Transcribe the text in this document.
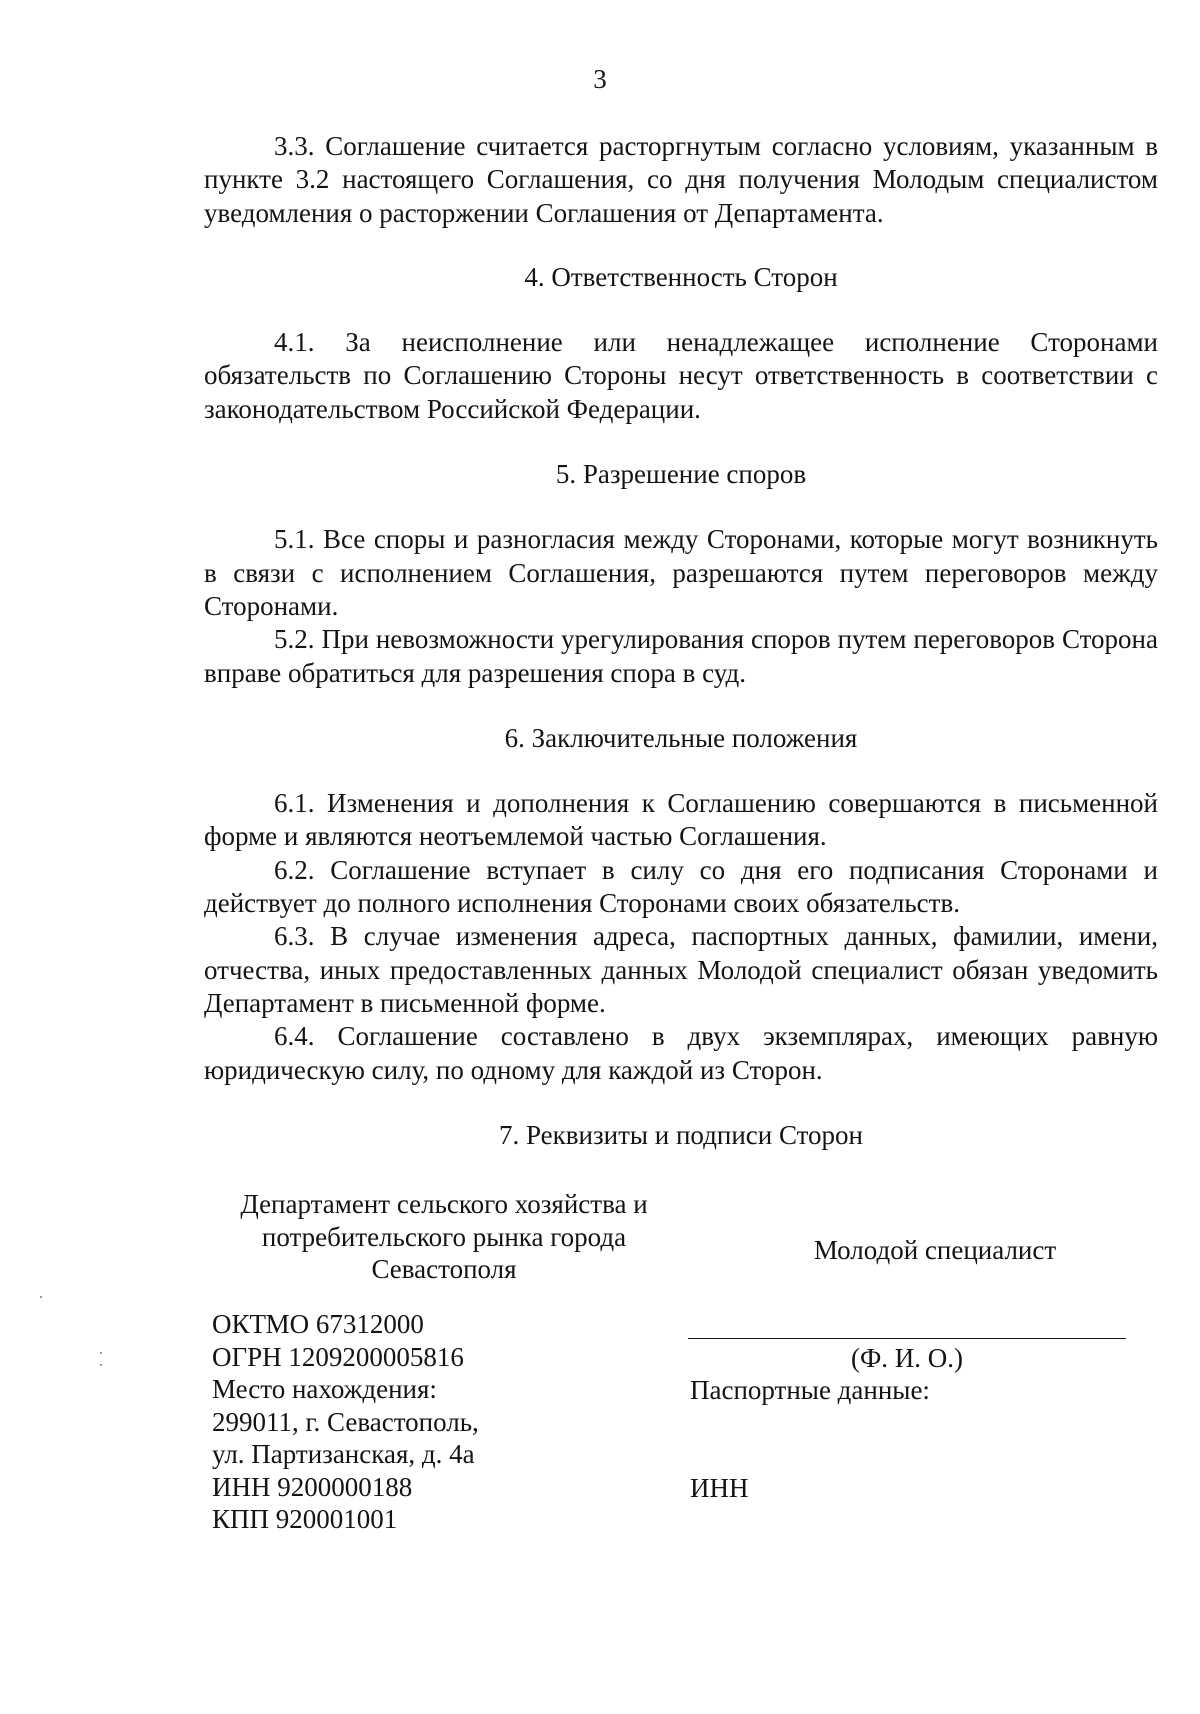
3

3.3. Соглашение считается расторгнутым согласно условиям, указанным в пункте 3.2 настоящего Соглашения, со дня получения Молодым специалистом уведомления о расторжении Соглашения от Департамента.

4. Ответственность Сторон

4.1. За неисполнение или ненадлежащее исполнение Сторонами обязательств по Соглашению Стороны несут ответственность в соответствии с законодательством Российской Федерации.

5. Разрешение споров

5.1. Все споры и разногласия между Сторонами, которые могут возникнуть в связи с исполнением Соглашения, разрешаются путем переговоров между Сторонами.

5.2. При невозможности урегулирования споров путем переговоров Сторона вправе обратиться для разрешения спора в суд.

6. Заключительные положения

6.1. Изменения и дополнения к Соглашению совершаются в письменной форме и являются неотъемлемой частью Соглашения.

6.2. Соглашение вступает в силу со дня его подписания Сторонами и действует до полного исполнения Сторонами своих обязательств.

6.3. В случае изменения адреса, паспортных данных, фамилии, имени, отчества, иных предоставленных данных Молодой специалист обязан уведомить Департамент в письменной форме.

6.4. Соглашение составлено в двух экземплярах, имеющих равную юридическую силу, по одному для каждой из Сторон.

7. Реквизиты и подписи Сторон
Департамент сельского хозяйства и
потребительского рынка города
Севастополя
Молодой специалист
ОКТМО 67312000
ОГРН 1209200005816
Место нахождения:
299011, г. Севастополь,
ул. Партизанская, д. 4а
ИНН 9200000188
КПП 920001001
(Ф. И. О.)
Паспортные данные:
ИНН
